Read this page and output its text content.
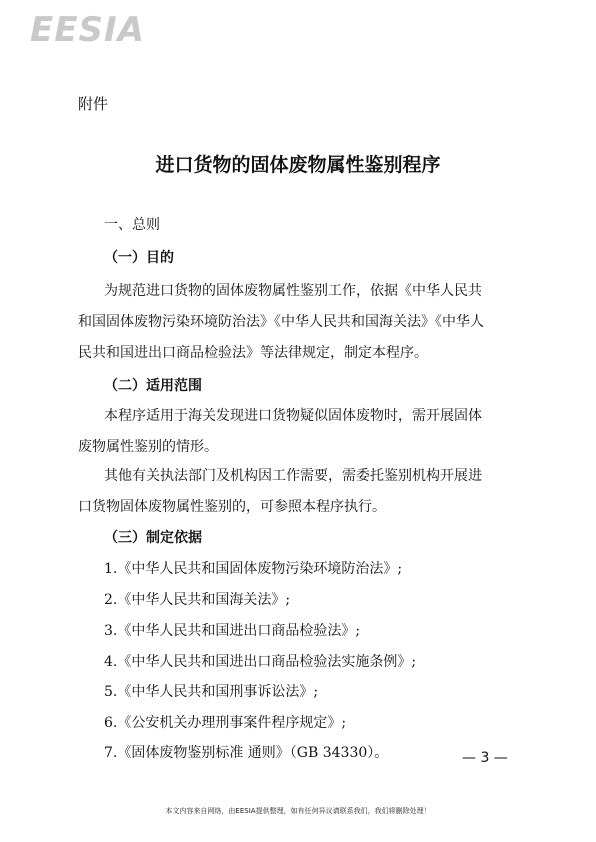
EESIA
附件
进口货物的固体废物属性鉴别程序
一、总则
（一）目的
为规范进口货物的固体废物属性鉴别工作，依据《中华人民共
和国固体废物污染环境防治法》《中华人民共和国海关法》《中华人
民共和国进出口商品检验法》等法律规定，制定本程序。
（二）适用范围
本程序适用于海关发现进口货物疑似固体废物时，需开展固体
废物属性鉴别的情形。
其他有关执法部门及机构因工作需要，需委托鉴别机构开展进
口货物固体废物属性鉴别的，可参照本程序执行。
（三）制定依据
1.《中华人民共和国固体废物污染环境防治法》;
2.《中华人民共和国海关法》;
3.《中华人民共和国进出口商品检验法》;
4.《中华人民共和国进出口商品检验法实施条例》;
5.《中华人民共和国刑事诉讼法》;
6.《公安机关办理刑事案件程序规定》;
7.《固体废物鉴别标准 通则》（GB 34330）。	— 3 —
本文内容来自网络，由EESIA提供整理，如有任何异议请联系我们，我们将删除处理！
